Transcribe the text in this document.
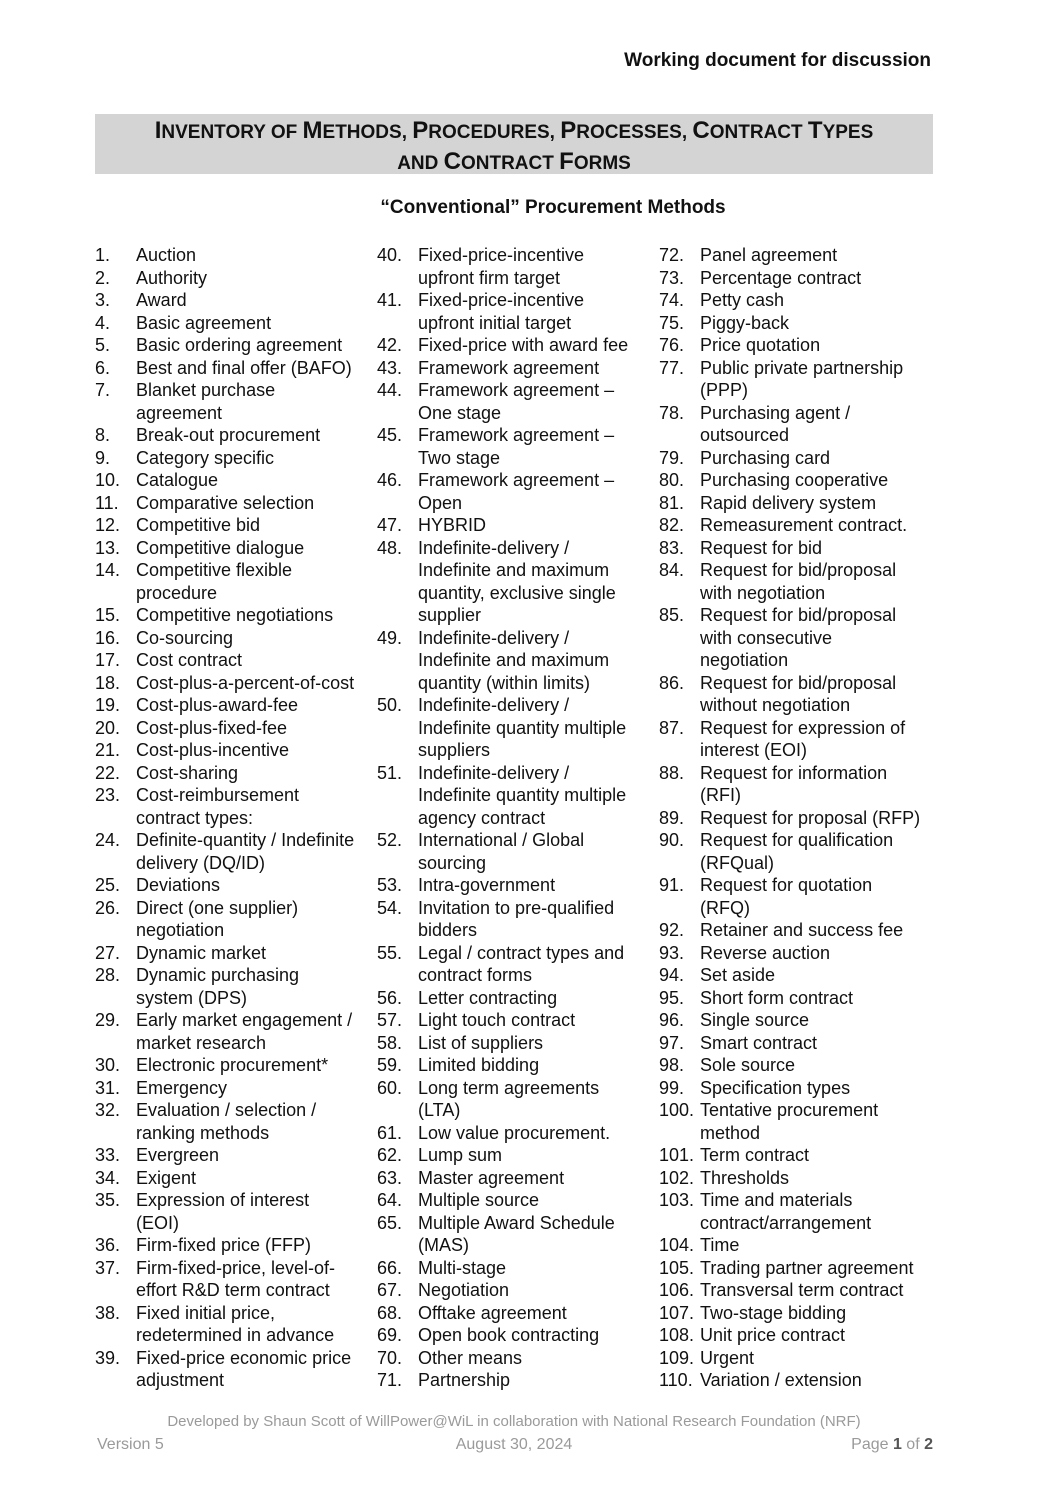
Working document for discussion
INVENTORY OF METHODS, PROCEDURES, PROCESSES, CONTRACT TYPES
AND CONTRACT FORMS
“Conventional” Procurement Methods
1.	Auction
2.	Authority
3.	Award
4.	Basic agreement
5.	Basic ordering agreement
6.	Best and final offer (BAFO)
7.	Blanket purchase
agreement
8.	Break-out procurement
9.	Category specific
10. Catalogue
11. Comparative selection
12. Competitive bid
13. Competitive dialogue
14. Competitive flexible
procedure
15. Competitive negotiations
16. Co-sourcing
17. Cost contract
18. Cost-plus-a-percent-of-cost
19. Cost-plus-award-fee
20. Cost-plus-fixed-fee
21. Cost-plus-incentive
22. Cost-sharing
23. Cost-reimbursement
contract types:
24. Definite-quantity / Indefinite
delivery (DQ/ID)
25. Deviations
26. Direct (one supplier)
negotiation
27. Dynamic market
28. Dynamic purchasing
system (DPS)
29. Early market engagement /
market research
30. Electronic procurement*
31. Emergency
32. Evaluation / selection /
ranking methods
33. Evergreen
34. Exigent
35. Expression of interest
(EOI)
36. Firm-fixed price (FFP)
37. Firm-fixed-price, level-of-
effort R&D term contract
38. Fixed initial price,
redetermined in advance
39. Fixed-price economic price
adjustment
40. Fixed-price-incentive
upfront firm target
41. Fixed-price-incentive
upfront initial target
42. Fixed-price with award fee
43. Framework agreement
44. Framework agreement –
One stage
45. Framework agreement –
Two stage
46. Framework agreement –
Open
47. HYBRID
48. Indefinite-delivery /
Indefinite and maximum
quantity, exclusive single
supplier
49. Indefinite-delivery /
Indefinite and maximum
quantity (within limits)
50. Indefinite-delivery /
Indefinite quantity multiple
suppliers
51. Indefinite-delivery /
Indefinite quantity multiple
agency contract
52. International / Global
sourcing
53. Intra-government
54. Invitation to pre-qualified
bidders
55. Legal / contract types and
contract forms
56. Letter contracting
57. Light touch contract
58. List of suppliers
59. Limited bidding
60. Long term agreements
(LTA)
61. Low value procurement.
62. Lump sum
63. Master agreement
64. Multiple source
65. Multiple Award Schedule
(MAS)
66. Multi-stage
67. Negotiation
68. Offtake agreement
69. Open book contracting
70. Other means
71. Partnership
72. Panel agreement
73. Percentage contract
74. Petty cash
75. Piggy-back
76. Price quotation
77. Public private partnership
(PPP)
78. Purchasing agent /
outsourced
79. Purchasing card
80. Purchasing cooperative
81. Rapid delivery system
82. Remeasurement contract.
83. Request for bid
84. Request for bid/proposal
with negotiation
85. Request for bid/proposal
with consecutive
negotiation
86. Request for bid/proposal
without negotiation
87. Request for expression of
interest (EOI)
88. Request for information
(RFI)
89. Request for proposal (RFP)
90. Request for qualification
(RFQual)
91. Request for quotation
(RFQ)
92. Retainer and success fee
93. Reverse auction
94. Set aside
95. Short form contract
96. Single source
97. Smart contract
98. Sole source
99. Specification types
100. Tentative procurement
method
101. Term contract
102. Thresholds
103. Time and materials
contract/arrangement
104. Time
105. Trading partner agreement
106. Transversal term contract
107. Two-stage bidding
108. Unit price contract
109. Urgent
110. Variation / extension
Developed by Shaun Scott of WillPower@WiL in collaboration with National Research Foundation (NRF)
Version 5	August 30, 2024	Page 1 of 2
